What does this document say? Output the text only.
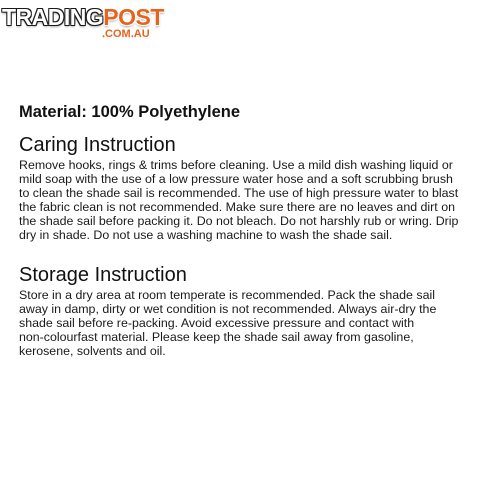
TRADINGPOST
.COM.AU
Material: 100% Polyethylene
Caring Instruction

Remove hooks, rings & trims before cleaning. Use a mild dish washing liquid or
mild soap with the use of a low pressure water hose and a soft scrubbing brush
to clean the shade sail is recommended. The use of high pressure water to blast
the fabric clean is not recommended. Make sure there are no leaves and dirt on
the shade sail before packing it. Do not bleach. Do not harshly rub or wring. Drip
dry in shade. Do not use a washing machine to wash the shade sail.

Storage Instruction

Store in a dry area at room temperate is recommended. Pack the shade sail
away in damp, dirty or wet condition is not recommended. Always air-dry the
shade sail before re-packing. Avoid excessive pressure and contact with
non-colourfast material. Please keep the shade sail away from gasoline,
kerosene, solvents and oil.
